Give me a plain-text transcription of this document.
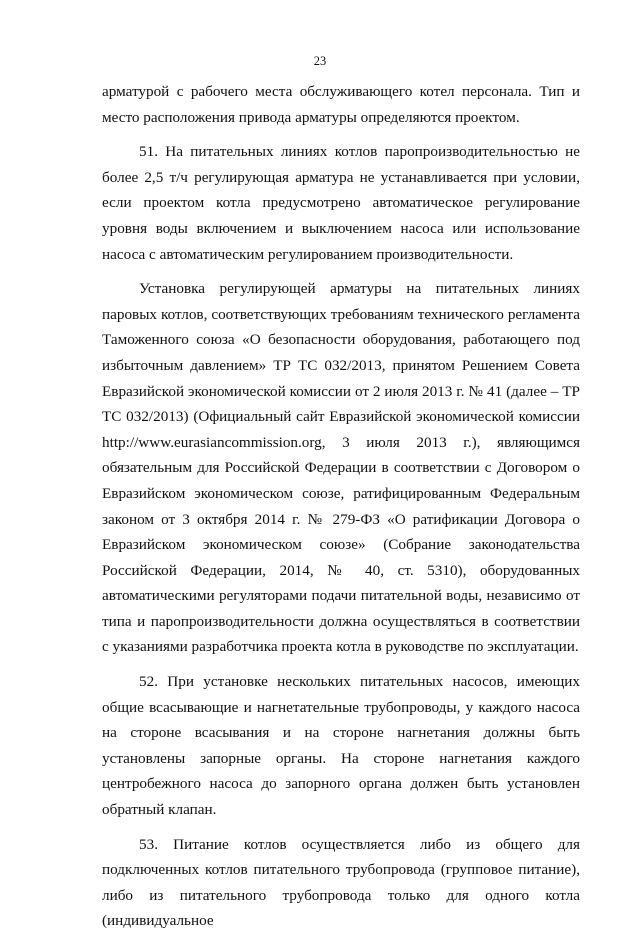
23

арматурой с рабочего места обслуживающего котел персонала. Тип и место расположения привода арматуры определяются проектом.

51. На питательных линиях котлов паропроизводительностью не более 2,5 т/ч регулирующая арматура не устанавливается при условии, если проектом котла предусмотрено автоматическое регулирование уровня воды включением и выключением насоса или использование насоса с автоматическим регулированием производительности.

Установка регулирующей арматуры на питательных линиях паровых котлов, соответствующих требованиям технического регламента Таможенного союза «О безопасности оборудования, работающего под избыточным давлением» ТР ТС 032/2013, принятом Решением Совета Евразийской экономической комиссии от 2 июля 2013 г. № 41 (далее – ТР ТС 032/2013) (Официальный сайт Евразийской экономической комиссии http://www.eurasiancommission.org, 3 июля 2013 г.), являющимся обязательным для Российской Федерации в соответствии с Договором о Евразийском экономическом союзе, ратифицированным Федеральным законом от 3 октября 2014 г. № 279-ФЗ «О ратификации Договора о Евразийском экономическом союзе» (Собрание законодательства Российской Федерации, 2014, № 40, ст. 5310), оборудованных автоматическими регуляторами подачи питательной воды, независимо от типа и паропроизводительности должна осуществляться в соответствии с указаниями разработчика проекта котла в руководстве по эксплуатации.

52. При установке нескольких питательных насосов, имеющих общие всасывающие и нагнетательные трубопроводы, у каждого насоса на стороне всасывания и на стороне нагнетания должны быть установлены запорные органы. На стороне нагнетания каждого центробежного насоса до запорного органа должен быть установлен обратный клапан.

53. Питание котлов осуществляется либо из общего для подключенных котлов питательного трубопровода (групповое питание), либо из питательного трубопровода только для одного котла (индивидуальное
